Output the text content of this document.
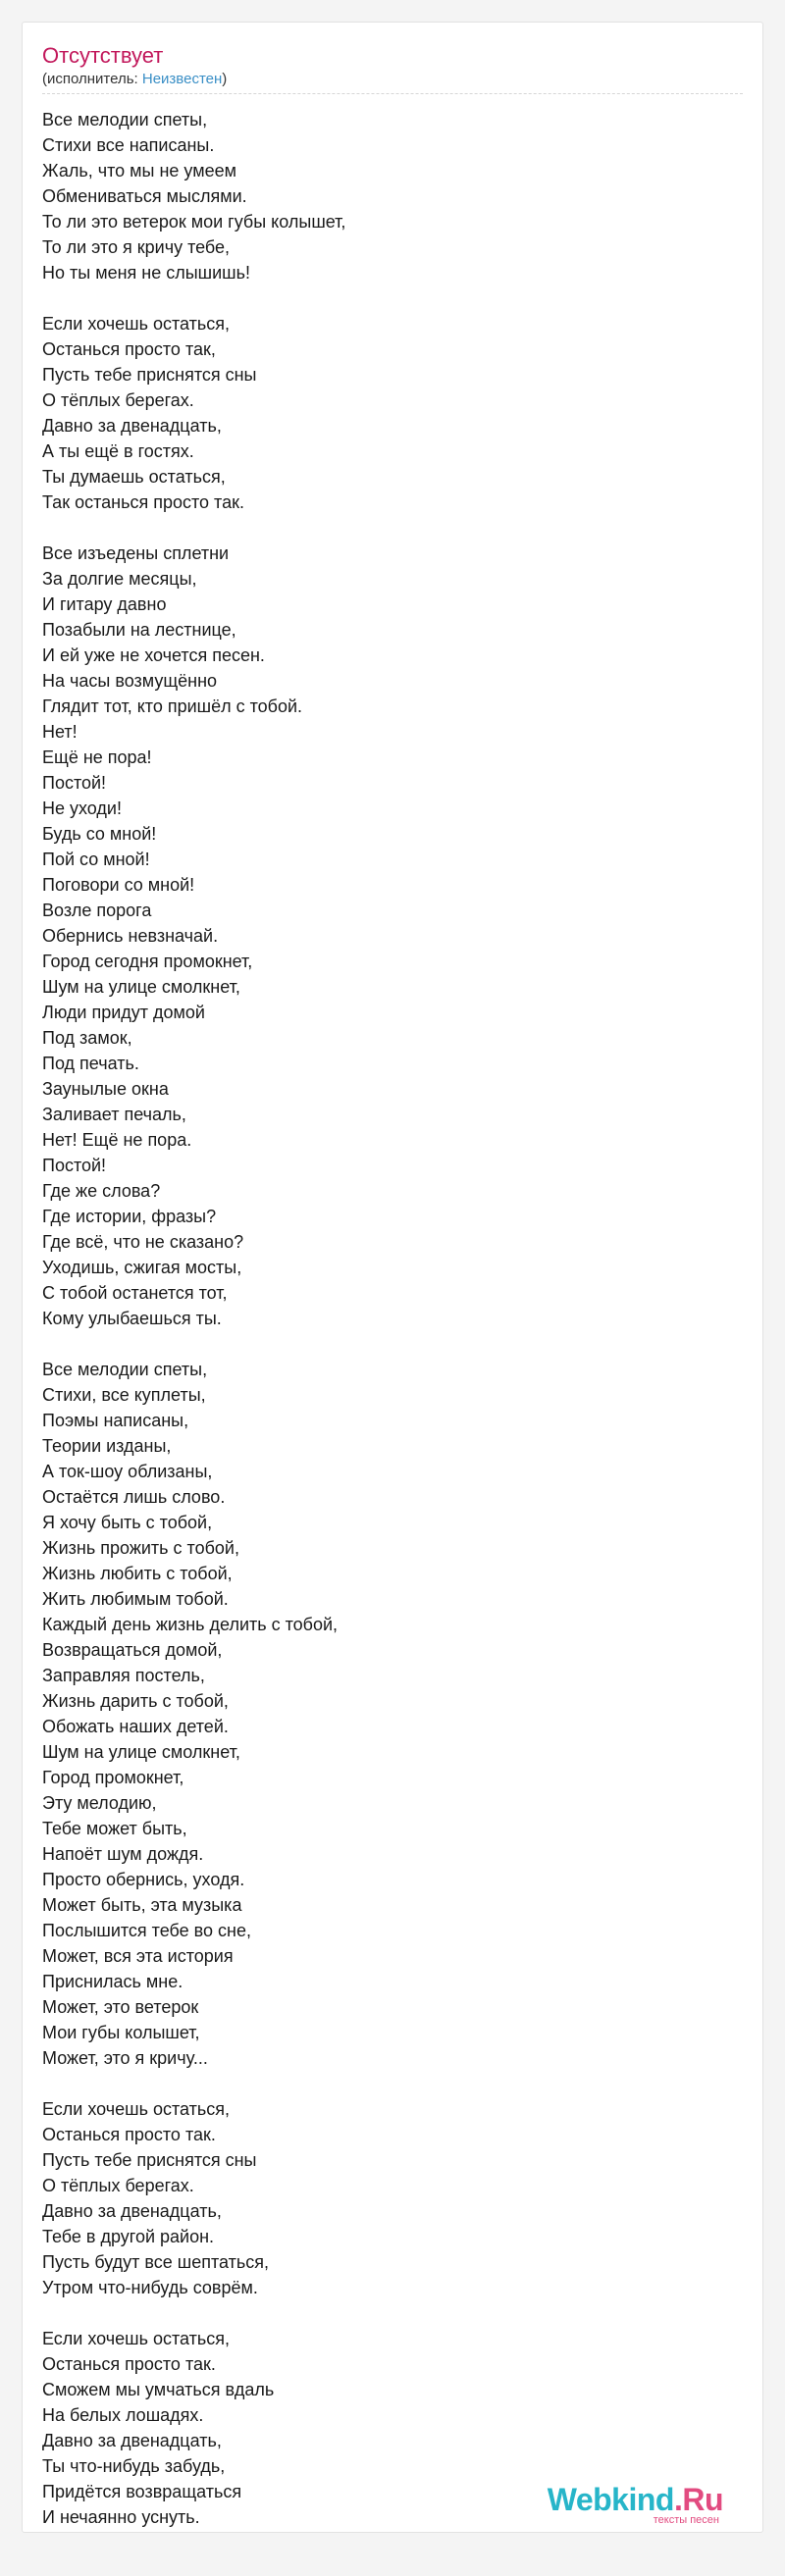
Отсутствует
(исполнитель: Неизвестен)
Все мелодии спеты,
Стихи все написаны.
Жаль, что мы не умеем
Обмениваться мыслями.
То ли это ветерок мои губы колышет,
То ли это я кричу тебе,
Но ты меня не слышишь!
Если хочешь остаться,
Останься просто так,
Пусть тебе приснятся сны
О тёплых берегах.
Давно за двенадцать,
А ты ещё в гостях.
Ты думаешь остаться,
Так останься просто так.
Все изъедены сплетни
За долгие месяцы,
И гитару давно
Позабыли на лестнице,
И ей уже не хочется песен.
На часы возмущённо
Глядит тот, кто пришёл с тобой.
Нет!
Ещё не пора!
Постой!
Не уходи!
Будь со мной!
Пой со мной!
Поговори со мной!
Возле порога
Обернись невзначай.
Город сегодня промокнет,
Шум на улице смолкнет,
Люди придут домой
Под замок,
Под печать.
Заунылые окна
Заливает печаль,
Нет! Ещё не пора.
Постой!
Где же слова?
Где истории, фразы?
Где всё, что не сказано?
Уходишь, сжигая мосты,
С тобой останется тот,
Кому улыбаешься ты.
Все мелодии спеты,
Стихи, все куплеты,
Поэмы написаны,
Теории изданы,
А ток-шоу облизаны,
Остаётся лишь слово.
Я хочу быть с тобой,
Жизнь прожить с тобой,
Жизнь любить с тобой,
Жить любимым тобой.
Каждый день жизнь делить с тобой,
Возвращаться домой,
Заправляя постель,
Жизнь дарить с тобой,
Обожать наших детей.
Шум на улице смолкнет,
Город промокнет,
Эту мелодию,
Тебе может быть,
Напоёт шум дождя.
Просто обернись, уходя.
Может быть, эта музыка
Послышится тебе во сне,
Может, вся эта история
Приснилась мне.
Может, это ветерок
Мои губы колышет,
Может, это я кричу...
Если хочешь остаться,
Останься просто так.
Пусть тебе приснятся сны
О тёплых берегах.
Давно за двенадцать,
Тебе в другой район.
Пусть будут все шептаться,
Утром что-нибудь соврём.
Если хочешь остаться,
Останься просто так.
Сможем мы умчаться вдаль
На белых лошадях.
Давно за двенадцать,
Ты что-нибудь забудь,
Придётся возвращаться
И нечаянно уснуть.	Webkind.Ru
тексты песен
